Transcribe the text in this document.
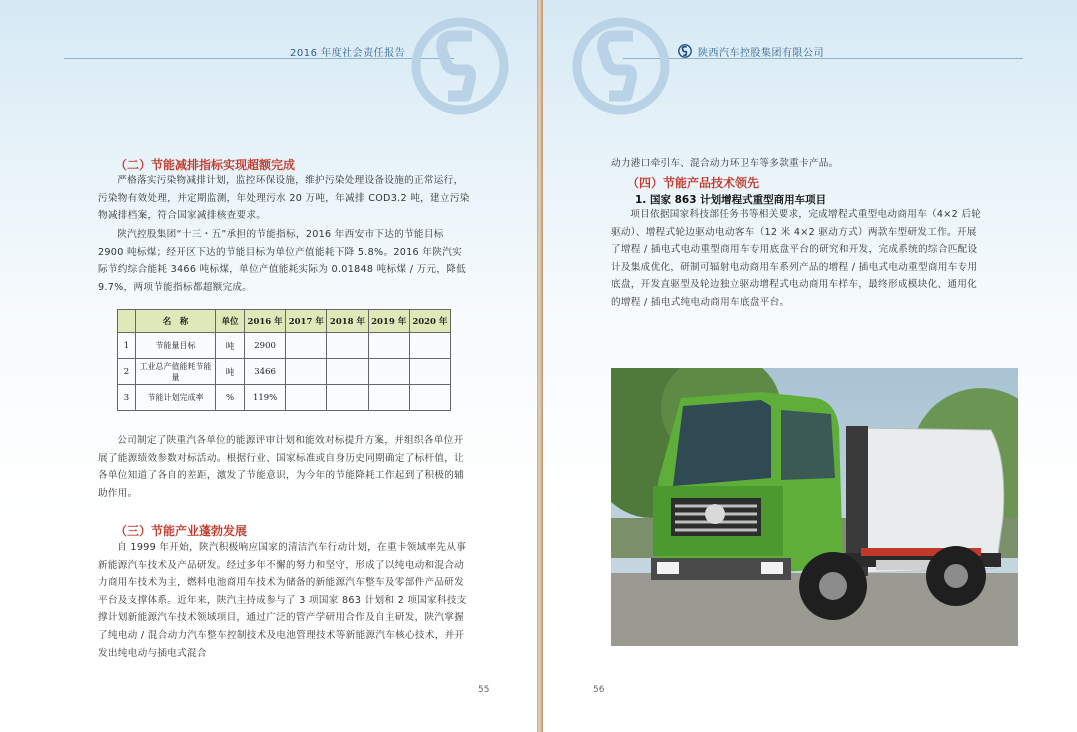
2016 年度社会责任报告
（二）节能减排指标实现超额完成

严格落实污染物减排计划，监控环保设施，维护污染处理设备设施的正常运行，污染物有效处理，并定期监测，年处理污水 20 万吨，年减排 COD3.2 吨，建立污染物减排档案，符合国家减排核查要求。

陕汽控股集团“十三・五”承担的节能指标，2016 年西安市下达的节能目标 2900 吨标煤；经开区下达的节能目标为单位产值能耗下降 5.8%。2016 年陕汽实际节约综合能耗 3466 吨标煤，单位产值能耗实际为 0.01848 吨标煤 / 万元，降低 9.7%，两项节能指标都超额完成。

	名　称	单位	2016 年	2017 年	2018 年	2019 年	2020 年
1	节能量目标	吨	2900				
2	工业总产值能耗节能量	吨	3466				
3	节能计划完成率	%	119%				

公司制定了陕重汽各单位的能源评审计划和能效对标提升方案，并组织各单位开展了能源绩效参数对标活动。根据行业、国家标准或自身历史同期确定了标杆值，让各单位知道了各自的差距，激发了节能意识，为今年的节能降耗工作起到了积极的辅助作用。

（三）节能产业蓬勃发展

自 1999 年开始，陕汽积极响应国家的清洁汽车行动计划，在重卡领域率先从事新能源汽车技术及产品研发。经过多年不懈的努力和坚守，形成了以纯电动和混合动力商用车技术为主，燃料电池商用车技术为储备的新能源汽车整车及零部件产品研发平台及支撑体系。近年来，陕汽主持成参与了 3 项国家 863 计划和 2 项国家科技支撑计划新能源汽车技术领域项目，通过广泛的管产学研用合作及自主研发，陕汽掌握了纯电动 / 混合动力汽车整车控制技术及电池管理技术等新能源汽车核心技术，并开发出纯电动与插电式混合

55
陕西汽车控股集团有限公司

动力港口牵引车、混合动力环卫车等多款重卡产品。

（四）节能产品技术领先
1. 国家 863 计划增程式重型商用车项目

项目依据国家科技部任务书等相关要求，完成增程式重型电动商用车（4×2 后轮驱动）、增程式轮边驱动电动客车（12 米 4×2 驱动方式）两款车型研发工作。开展了增程 / 插电式电动重型商用车专用底盘平台的研究和开发，完成系统的综合匹配设计及集成优化，研制可辐射电动商用车系列产品的增程 / 插电式电动重型商用车专用底盘，开发直驱型及轮边独立驱动增程式电动商用车样车，最终形成模块化、通用化的增程 / 插电式纯电动商用车底盘平台。

56
